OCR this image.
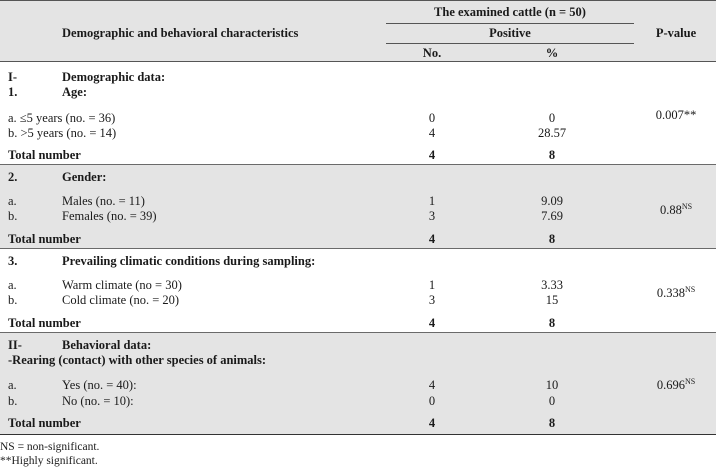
Demographic and behavioral characteristics
The examined cattle (n = 50)
Positive
No.	%
P-value
I-	Demographic data:
1.	Age:
a. ≤5 years (no. = 36)	0	0	0.007**
b. >5 years (no. = 14)	4	28.57
Total number	4	8
2.	Gender:
a.	Males (no. = 11)	1	9.09
b.	Females (no. = 39)	3	7.69	$0.88^{NS}$
Total number	4	8
3.	Prevailing climatic conditions during sampling:
a.	Warm climate (no = 30)	1	3.33
b.	Cold climate (no. = 20)	3	15	$0.338^{NS}$
Total number	4	8
II-	Behavioral data:
-Rearing (contact) with other species of animals:
a.	Yes (no. = 40):	4	10
b.	No (no. = 10):	0	0
$0.696^{NS}$
Total number	4	8
NS = non-significant.
**Highly significant.
